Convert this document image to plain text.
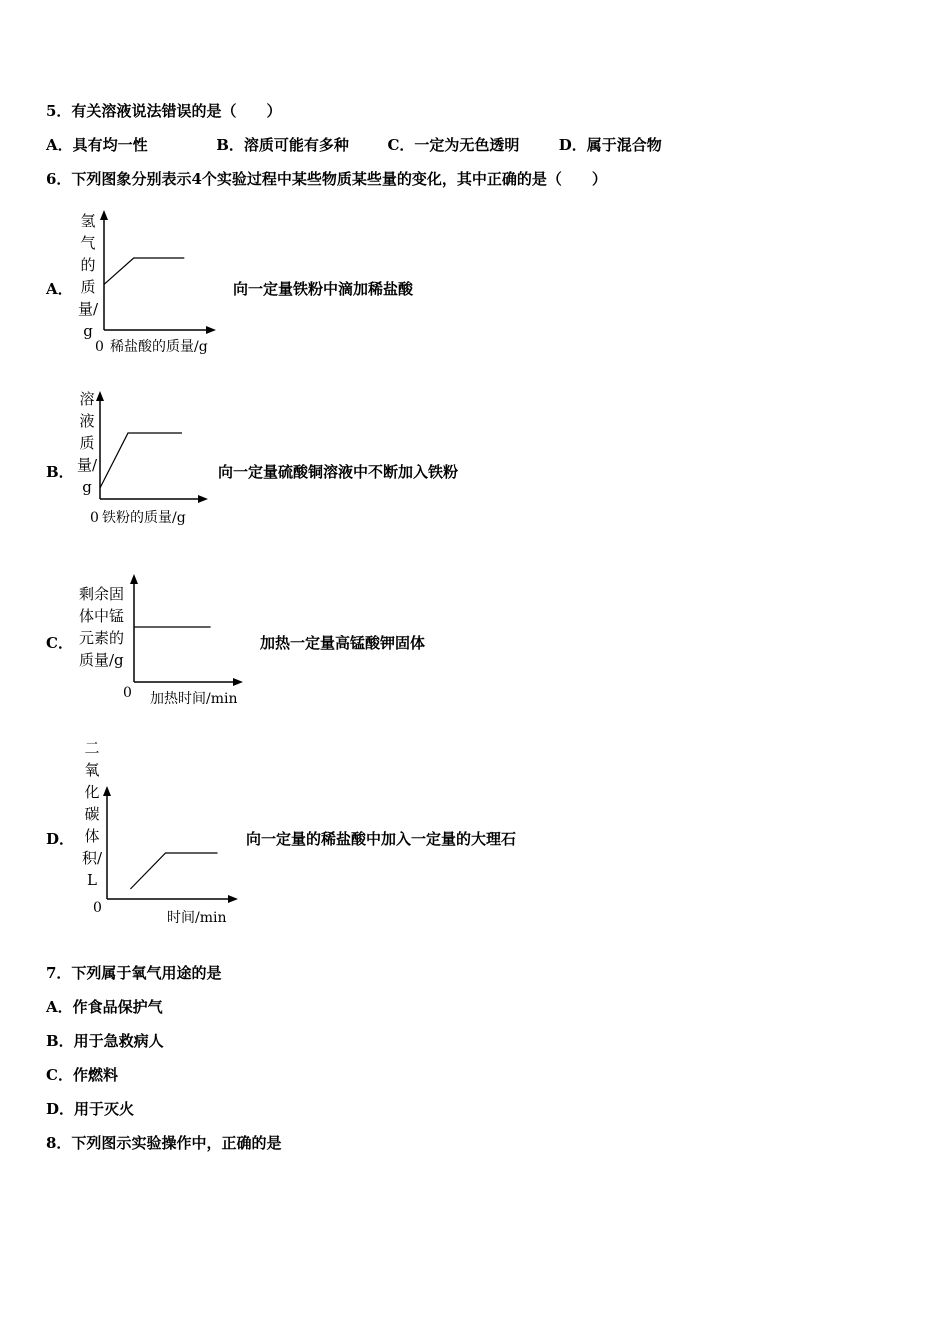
5．有关溶液说法错误的是（　　）
A．具有均一性	B．溶质可能有多种	C．一定为无色透明	D．属于混合物
6．下列图象分别表示4个实验过程中某些物质某些量的变化，其中正确的是（　　）
A．
氢气的质量/g
0 稀盐酸的质量/g
向一定量铁粉中滴加稀盐酸
B．
溶液质量/g
0 铁粉的质量/g
向一定量硫酸铜溶液中不断加入铁粉
C．
剩余固体中锰元素的质量/g
0 加热时间/min
加热一定量高锰酸钾固体
D．
二氧化碳体积/L
0
时间/min
向一定量的稀盐酸中加入一定量的大理石
7．下列属于氧气用途的是
A．作食品保护气
B．用于急救病人
C．作燃料
D．用于灭火
8．下列图示实验操作中，正确的是
